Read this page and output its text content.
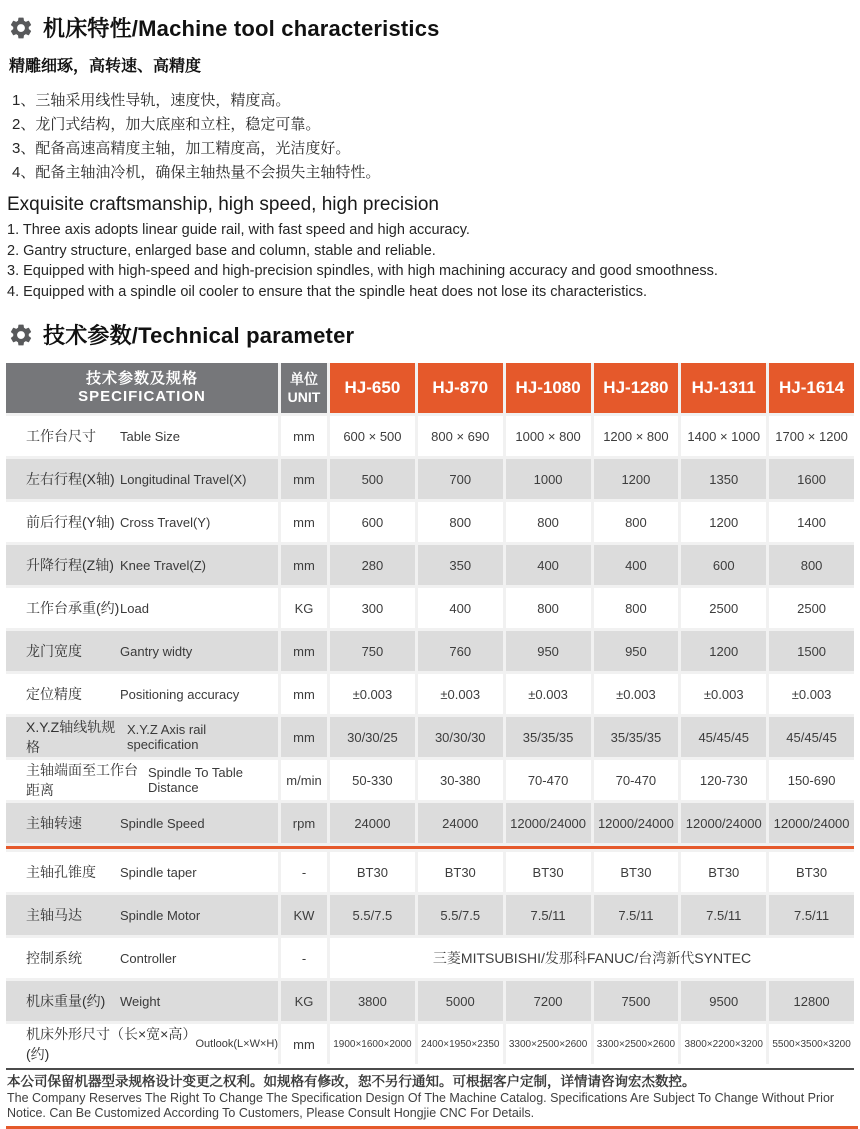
机床特性/Machine tool characteristics
精雕细琢，高转速、高精度
1、三轴采用线性导轨，速度快，精度高。
2、龙门式结构，加大底座和立柱，稳定可靠。
3、配备高速高精度主轴，加工精度高，光洁度好。
4、配备主轴油冷机，确保主轴热量不会损失主轴特性。
Exquisite craftsmanship, high speed, high precision
1. Three axis adopts linear guide rail, with fast speed and high accuracy.
2. Gantry structure, enlarged base and column, stable and reliable.
3. Equipped with high-speed and high-precision spindles, with high machining accuracy and good smoothness.
4. Equipped with a spindle oil cooler to ensure that the spindle heat does not lose its characteristics.
技术参数/Technical parameter
技术参数及规格
SPECIFICATION
单位
UNIT	HJ-650	HJ-870	HJ-1080	HJ-1280	HJ-1311	HJ-1614
工作台尺寸	Table Size	mm	600 × 500	800 × 690	1000 × 800	1200 × 800	1400 × 1000	1700 × 1200
左右行程(X轴) Longitudinal Travel(X)	mm	500	700	1000	1200	1350	1600
前后行程(Y轴) Cross Travel(Y)	mm	600	800	800	800	1200	1400
升降行程(Z轴) Knee Travel(Z)	mm	280	350	400	400	600	800
工作台承重(约) Load	KG	300	400	800	800	2500	2500
龙门宽度	Gantry widty	mm	750	760	950	950	1200	1500
定位精度	Positioning accuracy	mm	±0.003	±0.003	±0.003	±0.003	±0.003	±0.003
X.Y.Z轴线轨规格
X.Y.Z Axis rail specification	mm	30/30/25	30/30/30	35/35/35	35/35/35	45/45/45	45/45/45
主轴端面至工作台距离
Spindle To Table Distance	m/min	50-330	30-380	70-470	70-470	120-730	150-690
主轴转速	Spindle Speed	rpm	24000	24000	12000/24000 12000/24000 12000/24000 12000/24000
主轴孔锥度	Spindle taper	-	BT30	BT30	BT30	BT30	BT30	BT30
主轴马达	Spindle Motor	KW	5.5/7.5	5.5/7.5	7.5/11	7.5/11	7.5/11	7.5/11
控制系统	Controller	-	三菱MITSUBISHI/发那科FANUC/台湾新代SYNTEC
机床重量(约)	Weight	KG	3800	5000	7200	7500	9500	12800
机床外形尺寸（长×宽×高）(约)
Outlook(L×W×H)	mm	1900×1600×2000 2400×1950×2350 3300×2500×2600 3300×2500×2600 3800×2200×3200 5500×3500×3200

本公司保留机器型录规格设计变更之权利。如规格有修改，恕不另行通知。可根据客户定制，详情请咨询宏杰数控。

The Company Reserves The Right To Change The Specification Design Of The Machine Catalog. Specifications Are Subject To Change Without Prior Notice. Can Be Customized According To Customers, Please Consult Hongjie CNC For Details.
